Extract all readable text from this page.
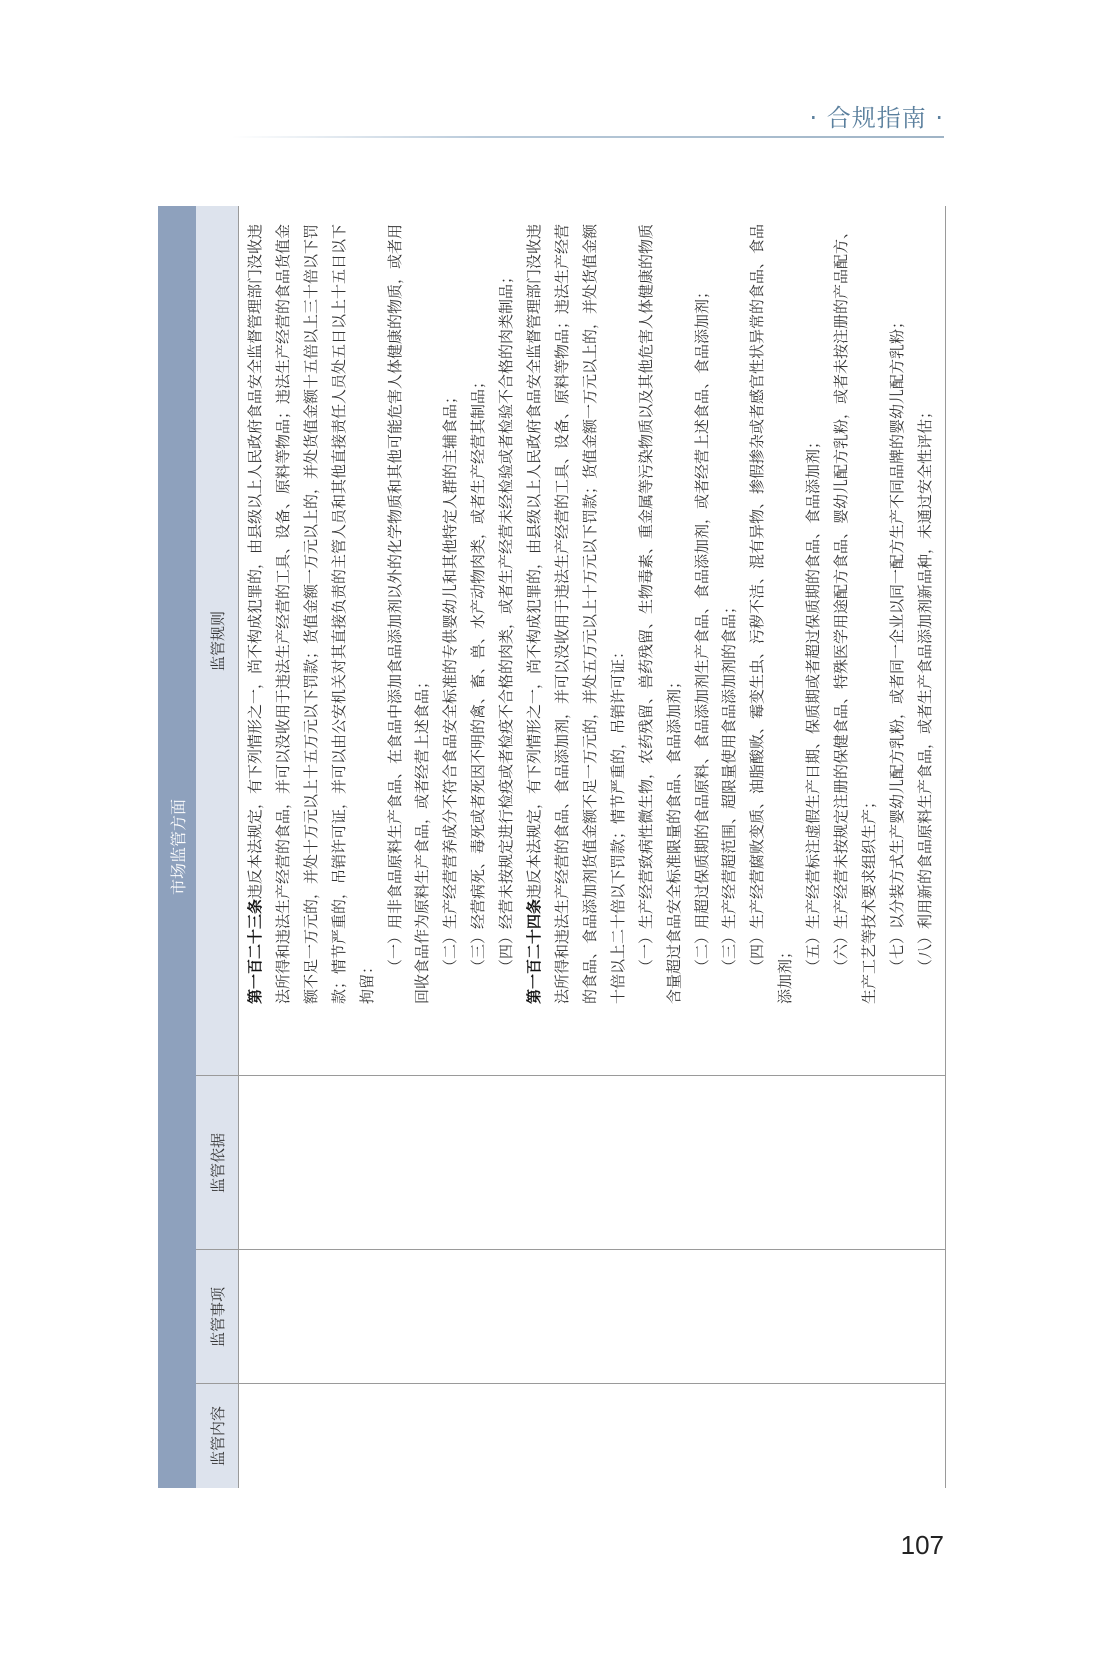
· 合规指南 ·
市场监管方面
监管内容
监管事项
监管依据
监管规则

第一百二十三条违反本法规定，有下列情形之一，尚不构成犯罪的，由县级以上人民政府食品安全监督管理部门没收违法所得和违法生产经营的食品，并可以没收用于违法生产经营的工具、设备、原料等物品；违法生产经营的食品货值金额不足一万元的，并处十万元以上十五万元以下罚款；货值金额一万元以上的，并处货值金额十五倍以上三十倍以下罚款；情节严重的，吊销许可证，并可以由公安机关对其直接负责的主管人员和其他直接责任人员处五日以上十五日以下拘留：

（一）用非食品原料生产食品、在食品中添加食品添加剂以外的化学物质和其他可能危害人体健康的物质，或者用回收食品作为原料生产食品，或者经营上述食品； （二）生产经营营养成分不符合食品安全标准的专供婴幼儿和其他特定人群的主辅食品； （三）经营病死、毒死或者死因不明的禽、畜、兽、水产动物肉类，或者生产经营其制品； （四）经营未按规定进行检疫或者检疫不合格的肉类，或者生产经营未经检验或者检验不合格的肉类制品； 第一百二十四条违反本法规定，有下列情形之一，尚不构成犯罪的，由县级以上人民政府食品安全监督管理部门没收违法所得和违法生产经营的食品、食品添加剂，并可以没收用于违法生产经营的工具、设备、原料等物品；违法生产经营的食品、食品添加剂货值金额不足一万元的，并处五万元以上十万元以下罚款；货值金额一万元以上的，并处货值金额十倍以上二十倍以下罚款；情节严重的，吊销许可证： （一）生产经营致病性微生物，农药残留、兽药残留、生物毒素、重金属等污染物质以及其他危害人体健康的物质含量超过食品安全标准限量的食品、食品添加剂； （二）用超过保质期的食品原料、食品添加剂生产食品、食品添加剂，或者经营上述食品、食品添加剂； （三）生产经营超范围、超限量使用食品添加剂的食品； （四）生产经营腐败变质、油脂酸败、霉变生虫、污秽不洁、混有异物、掺假掺杂或者感官性状异常的食品、食品添加剂； （五）生产经营标注虚假生产日期、保质期或者超过保质期的食品、食品添加剂； （六）生产经营未按规定注册的保健食品、特殊医学用途配方食品、婴幼儿配方乳粉，或者未按注册的产品配方、生产工艺等技术要求组织生产； （七）以分装方式生产婴幼儿配方乳粉，或者同一企业以同一配方生产不同品牌的婴幼儿配方乳粉； （八）利用新的食品原料生产食品，或者生产食品添加剂新品种，未通过安全性评估；

107
